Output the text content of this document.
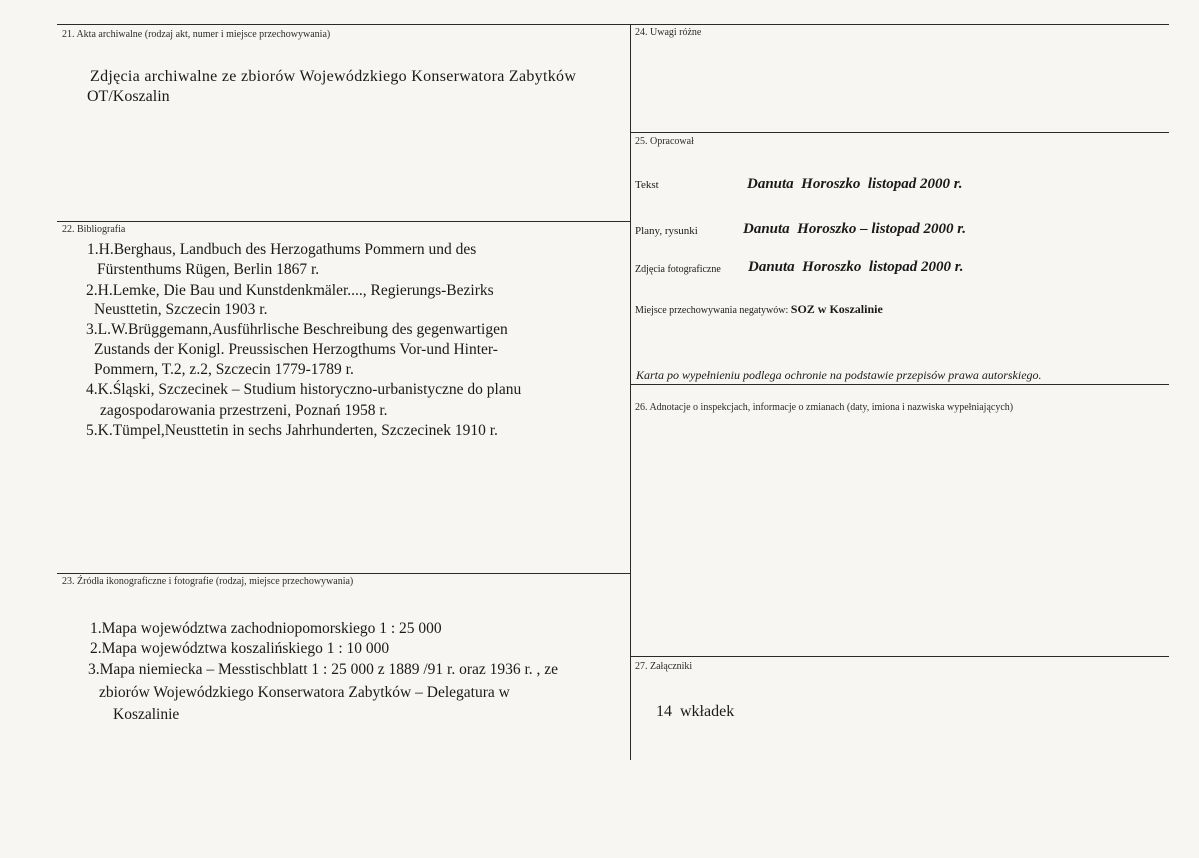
21. Akta archiwalne (rodzaj akt, numer i miejsce przechowywania)
Zdjęcia archiwalne ze zbiorów Wojewódzkiego Konserwatora Zabytków
OT/Koszalin
22. Bibliografia
1.H.Berghaus, Landbuch des Herzogathums Pommern und des
Fürstenthums Rügen, Berlin 1867 r.
2.H.Lemke, Die Bau und Kunstdenkmäler...., Regierungs-Bezirks
Neusttetin, Szczecin 1903 r.
3.L.W.Brüggemann,Ausführlische Beschreibung des gegenwartigen
Zustands der Konigl. Preussischen Herzogthums Vor-und Hinter-
Pommern, T.2, z.2, Szczecin 1779-1789 r.
4.K.Śląski, Szczecinek – Studium historyczno-urbanistyczne do planu
zagospodarowania przestrzeni, Poznań 1958 r.
5.K.Tümpel,Neusttetin in sechs Jahrhunderten, Szczecinek 1910 r.
23. Źródła ikonograficzne i fotografie (rodzaj, miejsce przechowywania)
1.Mapa województwa zachodniopomorskiego 1 : 25 000
2.Mapa województwa koszalińskiego 1 : 10 000
3.Mapa niemiecka – Messtischblatt 1 : 25 000 z 1889 /91 r. oraz 1936 r. , ze
zbiorów Wojewódzkiego Konserwatora Zabytków – Delegatura w
Koszalinie
24. Uwagi różne
25. Opracował
Tekst	Danuta  Horoszko  listopad 2000 r.
Plany, rysunki	Danuta  Horoszko – listopad 2000 r.
Zdjęcia fotograficzne Danuta  Horoszko  listopad 2000 r.
Miejsce przechowywania negatywów: SOZ w Koszalinie
Karta po wypełnieniu podlega ochronie na podstawie przepisów prawa autorskiego.
26. Adnotacje o inspekcjach, informacje o zmianach (daty, imiona i nazwiska wypełniających)
27. Załączniki
14  wkładek
